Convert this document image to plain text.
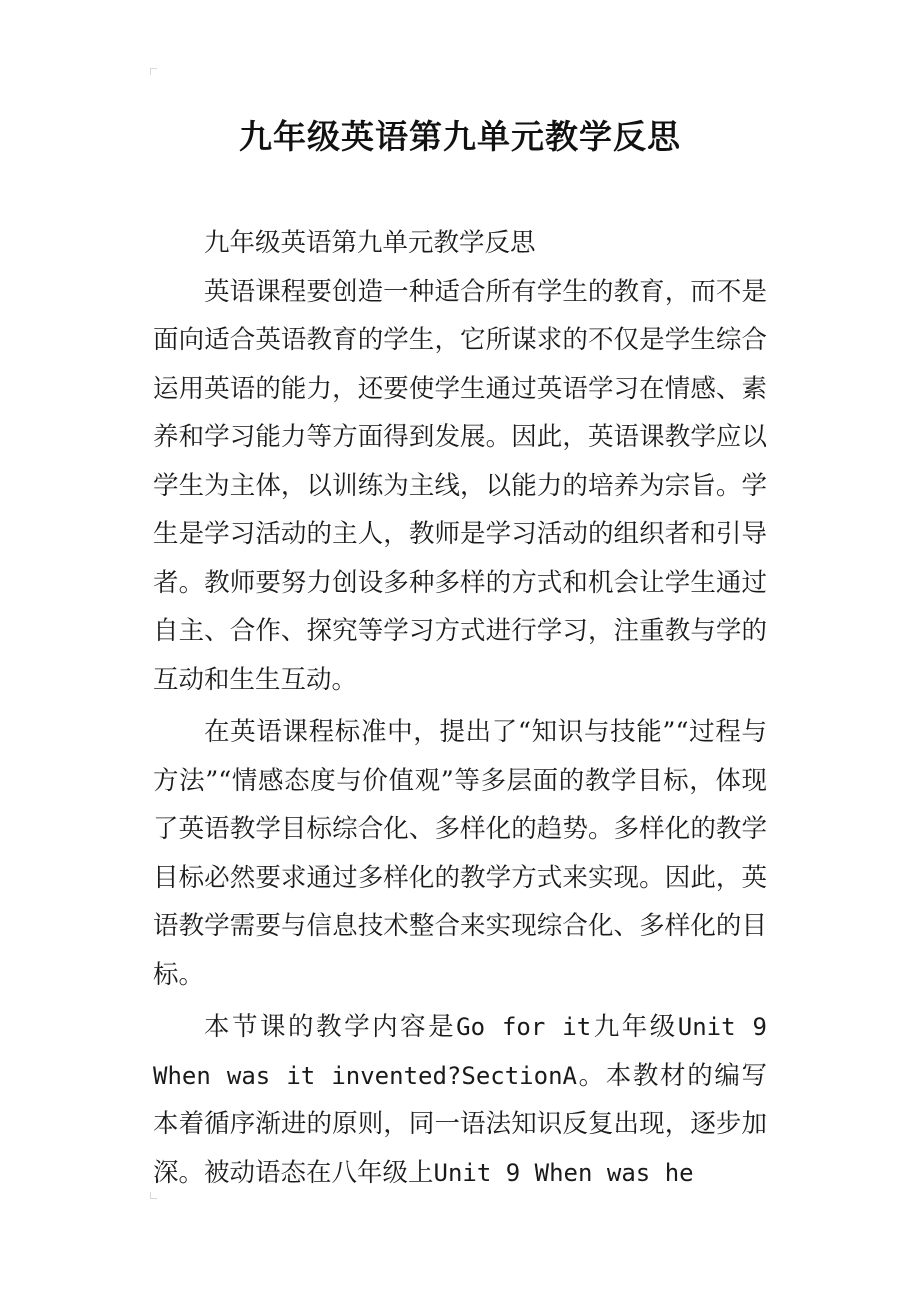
九年级英语第九单元教学反思

九年级英语第九单元教学反思

英语课程要创造一种适合所有学生的教育，而不是面向适合英语教育的学生，它所谋求的不仅是学生综合运用英语的能力，还要使学生通过英语学习在情感、素养和学习能力等方面得到发展。因此，英语课教学应以学生为主体，以训练为主线，以能力的培养为宗旨。学生是学习活动的主人，教师是学习活动的组织者和引导者。教师要努力创设多种多样的方式和机会让学生通过自主、合作、探究等学习方式进行学习，注重教与学的互动和生生互动。

在英语课程标准中，提出了“知识与技能”“过程与方法”“情感态度与价值观”等多层面的教学目标，体现了英语教学目标综合化、多样化的趋势。多样化的教学目标必然要求通过多样化的教学方式来实现。因此，英语教学需要与信息技术整合来实现综合化、多样化的目标。

本节课的教学内容是Go for it九年级Unit 9 When was it invented?SectionA。本教材的编写本着循序渐进的原则，同一语法知识反复出现，逐步加深。被动语态在八年级上Unit 9 When was he
